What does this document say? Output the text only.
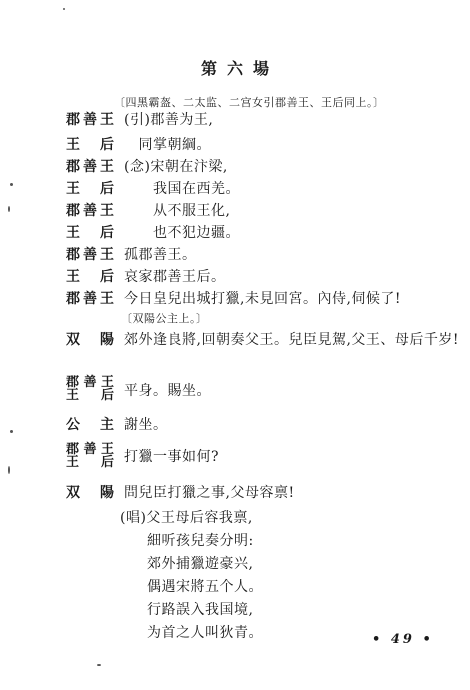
第六場
〔四黑霸盔、二太监、二宫女引郡善王、王后同上。〕
郡善王 (引)郡善为王,
王　后 　同掌朝綱。
郡善王 (念)宋朝在汴梁,
王　后 　　我国在西羌。
郡善王 　　从不服王化,
王　后 　　也不犯边疆。
郡善王 孤郡善王。
王　后 哀家郡善王后。
郡善王 今日皇兒出城打獵,未見回宮。內侍,伺候了!
〔双陽公主上。〕
双　陽 郊外逢良將,回朝奏父王。兒臣見駕,父王、母后千岁!
郡善王
王　后 平身。賜坐。
公　主 謝坐。
郡善王
王　后 打獵一事如何?
双　陽 問兒臣打獵之事,父母容禀!
(唱)父王母后容我禀,
細听孩兒奏分明:
郊外捕獵遊豪兴,
偶遇宋將五个人。
行路誤入我国境,
为首之人叫狄青。	• 49 •
